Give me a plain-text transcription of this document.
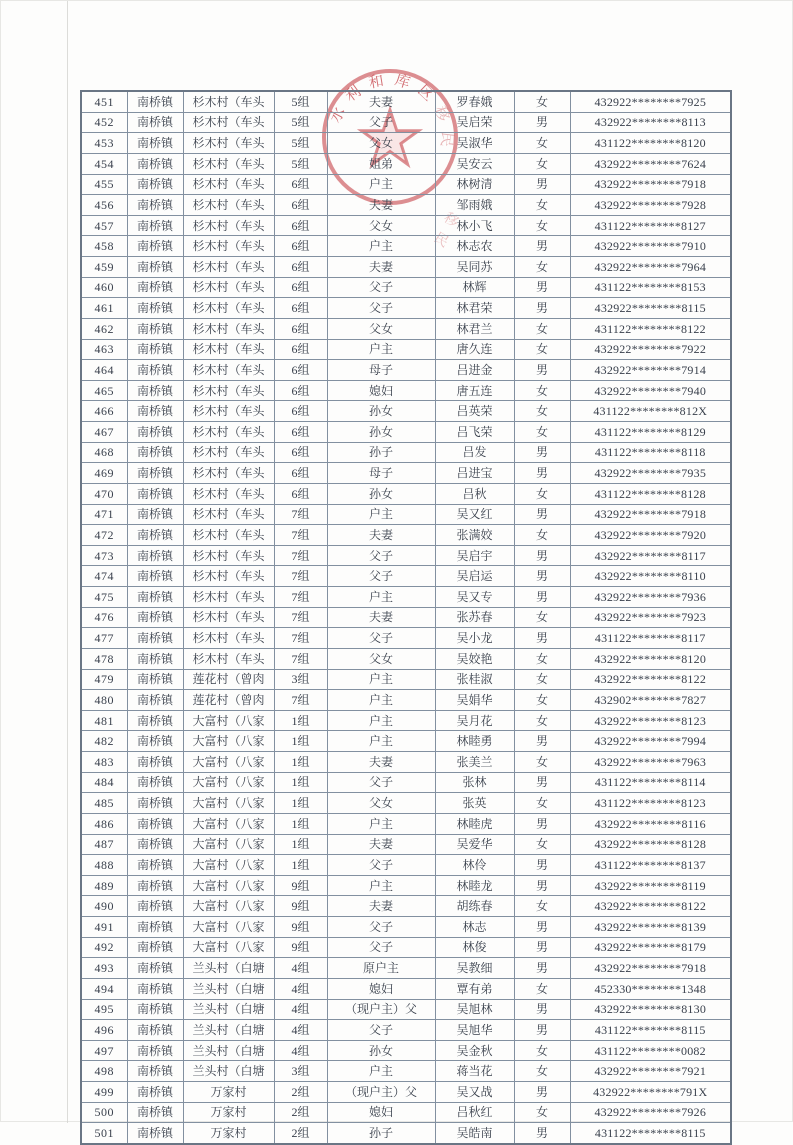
水利和库区移民
移
民
451	南桥镇	杉木村（车头	5组	夫妻	罗春娥	女	432922********7925
452	南桥镇	杉木村（车头	5组	父子	吴启荣	男	432922********8113
453	南桥镇	杉木村（车头	5组	父女	吴淑华	女	431122********8120
454	南桥镇	杉木村（车头	5组	姐弟	吴安云	女	432922********7624
455	南桥镇	杉木村（车头	6组	户主	林树清	男	432922********7918
456	南桥镇	杉木村（车头	6组	夫妻	邹雨娥	女	432922********7928
457	南桥镇	杉木村（车头	6组	父女	林小飞	女	431122********8127
458	南桥镇	杉木村（车头	6组	户主	林志农	男	432922********7910
459	南桥镇	杉木村（车头	6组	夫妻	吴同苏	女	432922********7964
460	南桥镇	杉木村（车头	6组	父子	林辉	男	431122********8153
461	南桥镇	杉木村（车头	6组	父子	林君荣	男	432922********8115
462	南桥镇	杉木村（车头	6组	父女	林君兰	女	431122********8122
463	南桥镇	杉木村（车头	6组	户主	唐久连	女	432922********7922
464	南桥镇	杉木村（车头	6组	母子	吕进金	男	432922********7914
465	南桥镇	杉木村（车头	6组	媳妇	唐五连	女	432922********7940
466	南桥镇	杉木村（车头	6组	孙女	吕英荣	女	431122********812X
467	南桥镇	杉木村（车头	6组	孙女	吕飞荣	女	431122********8129
468	南桥镇	杉木村（车头	6组	孙子	吕发	男	431122********8118
469	南桥镇	杉木村（车头	6组	母子	吕进宝	男	432922********7935
470	南桥镇	杉木村（车头	6组	孙女	吕秋	女	431122********8128
471	南桥镇	杉木村（车头	7组	户主	吴又红	男	432922********7918
472	南桥镇	杉木村（车头	7组	夫妻	张满姣	女	432922********7920
473	南桥镇	杉木村（车头	7组	父子	吴启宇	男	432922********8117
474	南桥镇	杉木村（车头	7组	父子	吴启运	男	432922********8110
475	南桥镇	杉木村（车头	7组	户主	吴又专	男	432922********7936
476	南桥镇	杉木村（车头	7组	夫妻	张苏春	女	432922********7923
477	南桥镇	杉木村（车头	7组	父子	吴小龙	男	431122********8117
478	南桥镇	杉木村（车头	7组	父女	吴姣艳	女	432922********8120
479	南桥镇	莲花村（曾肉	3组	户主	张桂淑	女	432922********8122
480	南桥镇	莲花村（曾肉	7组	户主	吴娟华	女	432902********7827
481	南桥镇	大富村（八家	1组	户主	吴月花	女	432922********8123
482	南桥镇	大富村（八家	1组	户主	林睦勇	男	432922********7994
483	南桥镇	大富村（八家	1组	夫妻	张美兰	女	432922********7963
484	南桥镇	大富村（八家	1组	父子	张林	男	431122********8114
485	南桥镇	大富村（八家	1组	父女	张英	女	431122********8123
486	南桥镇	大富村（八家	1组	户主	林睦虎	男	432922********8116
487	南桥镇	大富村（八家	1组	夫妻	吴爱华	女	432922********8128
488	南桥镇	大富村（八家	1组	父子	林伶	男	431122********8137
489	南桥镇	大富村（八家	9组	户主	林睦龙	男	432922********8119
490	南桥镇	大富村（八家	9组	夫妻	胡练春	女	432922********8122
491	南桥镇	大富村（八家	9组	父子	林志	男	432922********8139
492	南桥镇	大富村（八家	9组	父子	林俊	男	432922********8179
493	南桥镇	兰头村（白塘	4组	原户主	吴教细	男	432922********7918
494	南桥镇	兰头村（白塘	4组	媳妇	覃有弟	女	452330********1348
495	南桥镇	兰头村（白塘	4组	（现户主）父	吴旭林	男	432922********8130
496	南桥镇	兰头村（白塘	4组	父子	吴旭华	男	431122********8115
497	南桥镇	兰头村（白塘	4组	孙女	吴金秋	女	431122********0082
498	南桥镇	兰头村（白塘	3组	户主	蒋当花	女	432922********7921
499	南桥镇	万家村	2组	（现户主）父	吴又战	男	432922********791X
500	南桥镇	万家村	2组	媳妇	吕秋红	女	432922********7926
501	南桥镇	万家村	2组	孙子	吴皓南	男	431122********8115
